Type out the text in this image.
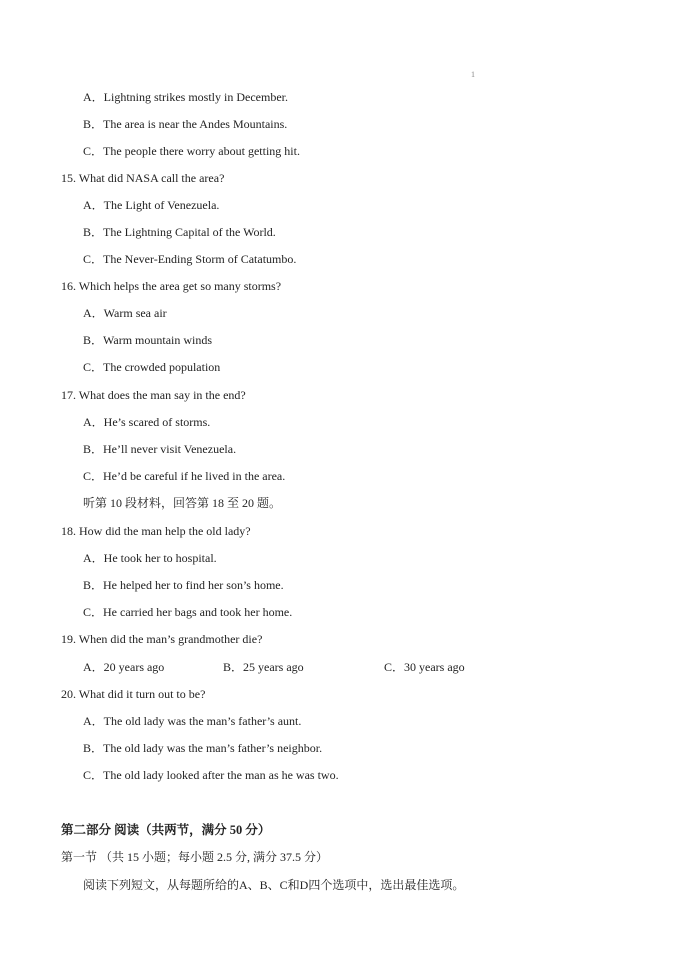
1
A．Lightning strikes mostly in December.
B．The area is near the Andes Mountains.
C．The people there worry about getting hit.
15. What did NASA call the area?
A．The Light of Venezuela.
B．The Lightning Capital of the World.
C．The Never-Ending Storm of Catatumbo.
16. Which helps the area get so many storms?
A．Warm sea air
B．Warm mountain winds
C．The crowded population
17. What does the man say in the end?
A．He’s scared of storms.
B．He’ll never visit Venezuela.
C．He’d be careful if he lived in the area.
听第 10 段材料，回答第 18 至 20 题。
18. How did the man help the old lady?
A．He took her to hospital.
B．He helped her to find her son’s home.
C．He carried her bags and took her home.
19. When did the man’s grandmother die?
A．20 years ago	B．25 years ago	C．30 years ago
20. What did it turn out to be?
A．The old lady was the man’s father’s aunt.
B．The old lady was the man’s father’s neighbor.
C．The old lady looked after the man as he was two.
第二部分 阅读（共两节，满分 50 分）
第一节 （共 15 小题；每小题 2.5 分, 满分 37.5 分）
阅读下列短文，从每题所给的A、B、C和D四个选项中，选出最佳选项。
